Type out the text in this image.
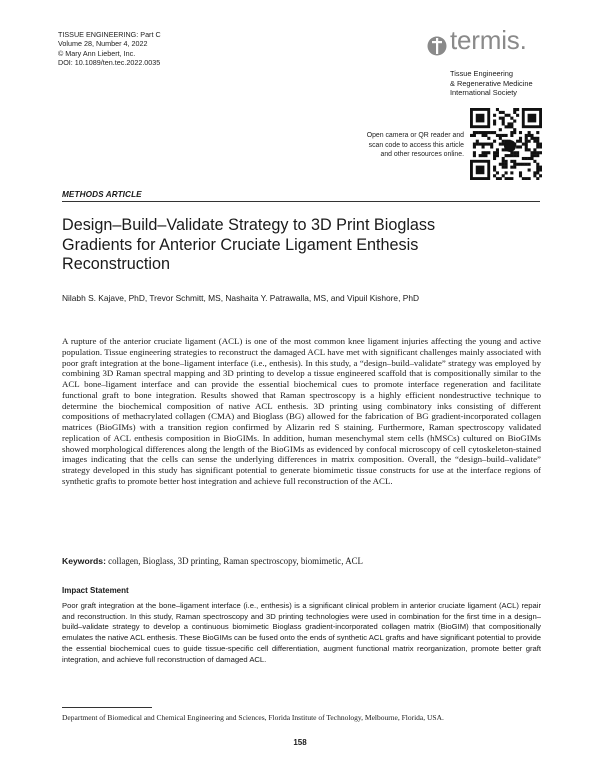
TISSUE ENGINEERING: Part C
Volume 28, Number 4, 2022
© Mary Ann Liebert, Inc.
DOI: 10.1089/ten.tec.2022.0035
termis.
Tissue Engineering
& Regenerative Medicine
International Society
Open camera or QR reader and
scan code to access this article
and other resources online.
METHODS ARTICLE
Design–Build–Validate Strategy to 3D Print Bioglass
Gradients for Anterior Cruciate Ligament Enthesis
Reconstruction
Nilabh S. Kajave, PhD, Trevor Schmitt, MS, Nashaita Y. Patrawalla, MS, and Vipuil Kishore, PhD

A rupture of the anterior cruciate ligament (ACL) is one of the most common knee ligament injuries affecting the young and active population. Tissue engineering strategies to reconstruct the damaged ACL have met with significant challenges mainly associated with poor graft integration at the bone–ligament interface (i.e., enthesis). In this study, a “design–build–validate” strategy was employed by combining 3D Raman spectral mapping and 3D printing to develop a tissue engineered scaffold that is compositionally similar to the ACL bone–ligament interface and can provide the essential biochemical cues to promote interface regeneration and facilitate functional graft to bone integration. Results showed that Raman spectroscopy is a highly efficient nondestructive technique to determine the biochemical composition of native ACL enthesis. 3D printing using combinatory inks consisting of different compositions of methacrylated collagen (CMA) and Bioglass (BG) allowed for the fabrication of BG gradient-incorporated collagen matrices (BioGIMs) with a transition region confirmed by Alizarin red S staining. Furthermore, Raman spectroscopy validated replication of ACL enthesis composition in BioGIMs. In addition, human mesenchymal stem cells (hMSCs) cultured on BioGIMs showed morphological differences along the length of the BioGIMs as evidenced by confocal microscopy of cell cytoskeleton-stained images indicating that the cells can sense the underlying differences in matrix composition. Overall, the “design–build–validate” strategy developed in this study has significant potential to generate biomimetic tissue constructs for use at the interface regions of synthetic grafts to promote better host integration and achieve full reconstruction of the ACL.

Keywords: collagen, Bioglass, 3D printing, Raman spectroscopy, biomimetic, ACL
Impact Statement

Poor graft integration at the bone–ligament interface (i.e., enthesis) is a significant clinical problem in anterior cruciate ligament (ACL) repair and reconstruction. In this study, Raman spectroscopy and 3D printing technologies were used in combination for the first time in a design–build–validate strategy to develop a continuous biomimetic Bioglass gradient-incorporated collagen matrix (BioGIM) that compositionally emulates the native ACL enthesis. These BioGIMs can be fused onto the ends of synthetic ACL grafts and have significant potential to provide the essential biochemical cues to guide tissue-specific cell differentiation, augment functional matrix reorganization, promote better graft integration, and achieve full reconstruction of damaged ACL.

Department of Biomedical and Chemical Engineering and Sciences, Florida Institute of Technology, Melbourne, Florida, USA.
158
